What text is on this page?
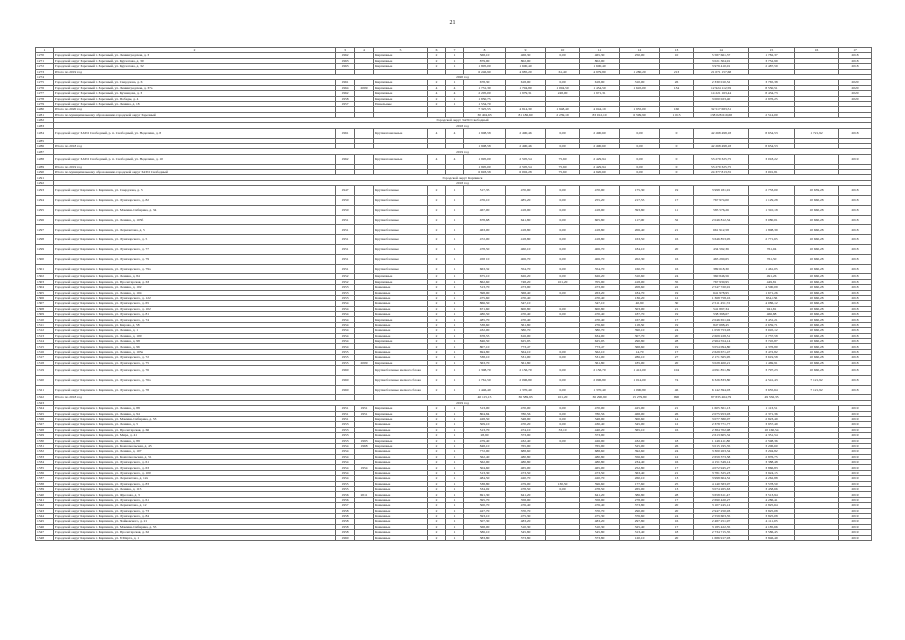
21
1	2	3	4	5	6	7	8	9	10	11	12	13	14	15	16	17
1270	Городской округ Заречный г. Заречный, ул. Ленинградская, д. 3	1962		Кирпичные	2	1	568,10	468,30	0,00	465,30	250,00	10	5 587 661,37	1 782,37		2018
1271	Городской округ Заречный г. Заречный, ул. Курчатова, д. 30	1963		Кирпичные	2	1	879,90	802,90		802,90			3 021 304,91	3 752,99		2018
1272	Городской округ Заречный г. Заречный, ул. Курчатова, д. 32	1963		Кирпичные	2	1	1 805,00	1 600,40		1 600,40			3 979 410,01	2 487,59		2018
1273	Итого по 2019 год						6 246,90	4 985,20	61,40	4 979,80	1 280,20	213	21 071 157,68			
1274	2020 год															
1275	Городской округ Заречный г. Заречный, ул. Свердлова, д. 6	1961		Кирпичные	2	1	678,30	618,90	0,00	618,90	310,00	26	2 330 010,52	3 765,38		2020
1276	Городской округ Заречный г. Заречный, ул. Ленинградская, д. 37а	1964	2009	Кирпичные	4	4	1 731,30	1 704,80	1 004,50	1 454,50	1 645,00	134	12 924 112,59	8 550,51		2020
1277	Городской округ Заречный г. Заречный, ул. Кузнецова, д. 3	1962		Кирпичные	4	4	2 205,00	1 979,31	248,00	1 971,31			14 221 163,44	8 434,73		2020
1278	Городской округ Заречный г. Заречный, ул. Победы, д. 4	1958		Кирпичные	2	1	1 850,75						3 000 023,40	2 976,25		2020
1279	Городской округ Заречный г. Заречный, ул. Ленина, д. 18	1957		Панельные	2	1	1 534,70									
1280	Итого по 2020 год						7 325,55	4 814,30	1 948,40	4 044,19	1 955,00	160	32 517 683,51			
1281	Итого по муниципальному образованию городской округ Заречный						30 404,63	81 186,60	2 239,19	83 012,10	6 599,90	1 015	138 028 619,68	2 514,00		
1282	Городской округ ЗАТО Свободный															
1283	2018 год															
1284	Городской округ ЗАТО Свободный, р. п. Свободный, ул. Неделина, д. 8	1961		Крупнопанельные	4	4	1 908,58	2 490,46	0,00	2 490,60	0,00	0	42 268 498,18	8 654,53	1 721,92	2018
1285																
1286	Итого по 2018 год						1 908,58	2 490,46	0,00	2 490,60	0,00	0	42 268 498,18	8 654,53		
1287	2019 год															
1288	Городской округ ЗАТО Свободный, р. п. Свободный, ул. Неделина, д. 10	1962		Крупнопанельные	4	4	1 995,00	2 505,54	75,60	2 429,94	0,00	0	53 279 325,75	3 018,22		2019
1289	Итого по 2019 год						1 995,00	2 505,54	75,60	2 429,94	0,00	0	53 279 325,75			
1290	Итого по муниципальному образованию городской округ ЗАТО Свободный						6 693,58	6 002,28	75,60	4 920,60	0,00	0	24 377 813,55	3 001,81		
1291	Городской округ Карпинск															
1292	2018 год															
1293	Городской округ Карпинск г. Карпинск, ул. Свердлова, д. 5	1947		Крупноблочные	2	1	517,35	470,90	0,00	470,90	175,30	19	3 998 181,91	2 733,00	10 639,28	2018
1294	Городской округ Карпинск г. Карпинск, ул. Луначарского, д. 82	1950		Крупноблочные	2	1	476,10	485,20	0,00	255,20	217,55	17	767 974,00	1 129,28	10 660,28	2018
1295	Городской округ Карпинск г. Карпинск, ул. Мамина-Сибиряка, д. 34	1950		Крупноблочные	2	1	467,00	418,90	0,00	418,90	393,80	11	585 576,26	1 310,18	10 660,28	2018
1296	Городской округ Карпинск г. Карпинск, ул. Ленина, д. 103б	1951		Крупноблочные	2	1	678,68	641,80	0,00	605,80	117,00	32	2 046 812,34	3 080,01	10 660,28	2018
1297	Городской округ Карпинск г. Карпинск, ул. Лермонтова, д. 5	1951		Крупноблочные	2	1	463,00	418,80	0,00	418,80	206,40	21	661 912,58	1 808,39	10 660,28	2018
1298	Городской округ Карпинск г. Карпинск, ул. Луначарского, д. 5	1951		Крупноблочные	2	1	472,00	418,80	0,00	418,80	163,50	16	3 646 853,95	2 771,65	10 660,28	2018
1299	Городской округ Карпинск г. Карпинск, ул. Луначарского, д. 77	1951		Крупноблочные	2	1	478,50	460,10	0,00	406,70	184,10	20	434 592,36	761,04	10 660,28	2018
1300	Городской округ Карпинск г. Карпинск, ул. Луначарского, д. 79	1951		Крупноблочные	2	1	458 10	406,70	0,00	406,70	202,30	16	465 290,65	761,50	10 660,28	2018
1301	Городской округ Карпинск г. Карпинск, ул. Луначарского, д. 79а	1951		Крупноблочные	2	1	663,32	354,70	0,00	354,70	160,70	16	389 618,30	1 461,05	10 660,28	2018
1302	Городской округ Карпинск г. Карпинск, ул. Ленина, д. 84	1952		Кирпичные	2	1	675,10	626,20	0,00	626,20	310,60	24	360 846,56	491,26	10 660,28	2018
1303	Городской округ Карпинск г. Карпинск, ул. Пролетарская, д. 63	1952		Кирпичные	2	1	862,60	748,20	101,20	705,90	418,00	35	767 930,95	449,81	10 660,28	2018
1304	Городской округ Карпинск г. Карпинск, ул. Ленина, д. 102	1953		Каменные	2	1	513,70	473,90		473,90	208,60	22	2 547 720,91	4 500,09	10 660,28	2018
1305	Городской округ Карпинск г. Карпинск, ул. Ленина, д. 104	1953		Каменные	2	1	398,90	368,40	0,00	263,20	184,70	19	641 978,95	1 671,26	10 660,28	2018
1306	Городской округ Карпинск г. Карпинск, ул. Луначарского, д. 122	1953		Каменные	2	1	475,60	470,40		470,40	136,20	12	1 368 758,16	654,136	10 660,28	2018
1307	Городской округ Карпинск г. Карпинск, ул. Луначарского, д. 65	1954		Каменные	2	1	866,50	347,10		347,10	40,90	30	2 511 451,72	4 086,12	10 660,28	2018
1308	Городской округ Карпинск г. Карпинск, ул. Луначарского, д. 102	1954		Каменные	2	1	671,60	600,80	0,00	600,80	503,00	21	541 897,34	941,81	10 660,28	2018
1309	Городской округ Карпинск г. Карпинск, ул. Луначарского, д. 81	1954		Каменные	2	1	480,50	470,40	0,00	470,40	187,70	19	538 398,67	466,88	10 660,28	2018
1310	Городской округ Карпинск г. Карпинск, ул. Луначарского, д. 74	1954		Кирпичные	2	1	485,70	470,40		470,40	167,00	17	2 046 651,94	3 431,21	10 660,28	2018
1311	Городской округ Карпинск г. Карпинск, ул. Кирова, д. 58	1954		Каменные	2	1	538,60	361,80		276,60	118,50	19	847 688,45	2 659,71	10 660,28	2018
1312	Городской округ Карпинск г. Карпинск, ул. Ленина, д. 1	1954		Каменные	2	1	432,00	380,70		380,70	390,10	24	1 058 753,93	3 045,12	10 660,28	2018
1313	Городской округ Карпинск г. Карпинск, ул. Ленина, д. 100	1954		Каменные	2	1	678,55	616,00		634,00	307,70	20	2 609 228,51	2 737,58	10 660,28	2018
1314	Городской округ Карпинск г. Карпинск, ул. Ленина, д. 98	1954		Кирпичные	2	1	846,50	625,95		625,95	290,80	28	2 964 554,14	3 745,87	10 660,28	2018
1315	Городской округ Карпинск г. Карпинск, ул. Ленина, д. 96	1954		Каменные	2	1	807,10	773,47		773,47	368,60	19	3 054 094,80	4 376,80	10 660,28	2018
1316	Городской округ Карпинск г. Карпинск, ул. Ленина, д. 103а	1955		Каменные	2	1	694,80	564,10	0,00	562,10	14,70	17	2 629 671,47	3 472,82	10 660,28	2018
1317	Городской округ Карпинск г. Карпинск, ул. Луначарского, д. 72	1955		Каменные	2	1	538,10	531,00	0,00	531,00	286,10	27	2 171 565,95	3 619,58	10 660,28	2018
1318	Городской округ Карпинск г. Карпинск, ул. Луначарского, д. 75	1955	2009	Кирпичные	2	1	363,70	361,80		361,80	185,00	20	3 028 400,21	1 469,91	10 660,28	2018
1319	Городской округ Карпинск г. Карпинск, ул. Луначарского, д. 76	1960		Крупноблочные мелкого блока	2	1	1 308,70	2 156,70	0,00	2 156,70	1 412,00	104	4 091 851,89	3 797,23	10 660,28	2018
1320	Городской округ Карпинск г. Карпинск, ул. Луначарского, д. 76а	1960		Крупноблочные мелкого блока	2	1	1 761,50	2 096,80	0,00	2 096,80	1 014,00	74	6 326 833,80	4 541,43	7 121,92	2018
1321	Городской округ Карпинск г. Карпинск, ул. Луначарского, д. 78	1960		Крупноблочные мелкого блока	2	1	1 446,40	1 370,40	0,00	1 370,40	1 090,80	46	6 142 394,03	3 655,64	7 121,92	2018
1322	Итого по 2018 год						40 115,15	36 589,93	101,20	36 290,90	15 279,80	990	87 835 464,79	49 556,35		
1323	2019 год															
1324	Городской округ Карпинск г. Карпинск, ул. Ленина, д. 88	1951	1951	Кирпичные	2	1	513,00	470,00	0,00	470,00	425,00	21	1 605 301,13	1 113,51		2019
1325	Городской округ Карпинск г. Карпинск, ул. Ленина, д. 94	1951	1951	Кирпичные	2	1	804,84	780,56	0,00	780,56	468,00	26	2 075 953,93	2 371,36		2019
1326	Городской округ Карпинск г. Карпинск, ул. Мамина-Сибиряка, д. 53	1951		Кирпичные	2	1	428,50	348,90	0,00	348,90	300,60	14	3 077 380,07	2 823,49		2019
1327	Городской округ Карпинск г. Карпинск, ул. Ленина, д. 5	1953		Каменные	2	1	509,10	470,20	0,00	430,40	345,00	12	2 378 771,77	3 957,49		2019
1328	Городской округ Карпинск г. Карпинск, ул. Пролетарская, д. 66	1953		Каменные	2	1	513,70	474,10	33,10	440,20	365,10	16	2 384 702,98	10 160,54		2019
1329	Городской округ Карпинск г. Карпинск, ул. Мира, д. 41	1953		Каменные	2	1	28,90	373,90		373,90			2 613 605,32	4 351,54		2019
1330	Городской округ Карпинск г. Карпинск, ул. Ленина, д. 89	1953	1993	Кирпичные	2	1	479,40	432,40	0,00	426,90	432,00	18	1 149 411,80	2 598,36		2019
1331	Городской округ Карпинск г. Карпинск, ул. Комсомольская, д. 45	1954	1968	Кирпичные	2	1	848,10	765,90		765,90	525,00	26	3 015 195,35	3 206,60		2019
1332	Городской округ Карпинск г. Карпинск, ул. Ленина, д. 107	1954		Каменные	2	1	772,90	688,60		688,60	392,60	24	3 300 263,34	3 294,82		2019
1333	Городской округ Карпинск г. Карпинск, ул. Комсомольская, д. 51	1954		Каменные	2	1	562,40	480,80		480,80	356,60	12	2 659 373,58	2 876,75		2019
1334	Городской округ Карпинск г. Карпинск, ул. Луначарского, д. 61	1954		Каменные	2	1	562,90	480,80		480,80	234,40	16	4 151 549,14	3 388,48		2019
1335	Городской округ Карпинск г. Карпинск, ул. Луначарского, д. 63	1954	1954	Каменные	2	1	504,60	465,00		465,00	252,80	17	4 072 945,27	3 866,83		2019
1336	Городской округ Карпинск г. Карпинск, ул. Луначарского, д. 100	1954		Каменные	2	1	513,30	473,50		473,50	363,40	21	3 781 325,23	3 924,15		2019
1337	Городской округ Карпинск г. Карпинск, ул. Лермонтова, д. 12а	1954		Каменные	2	1	484,50	420,70		420,70	260,10	13	3 998 604,52	4 262,88		2019
1338	Городской округ Карпинск г. Карпинск, ул. Луначарского, д. 83	1955		Каменные	2	1	538,80	479,00	130,50	596,60	177,60	25	4 140 583,97	3 578,50		2019
1339	Городской округ Карпинск г. Карпинск, ул. Ленина, д. 115	1955		Каменные	2	1	534,02	478,50	0,00	478,50	265,00	13	3 074 265,63	3 458,66		2019
1340	Городской округ Карпинск г. Карпинск, ул. Фролова, д. 3	1956	2011	Каменные	2	1	691,30	641,20		641,20	386,80	28	3 658 611,47	3 513,94		2019
1341	Городской округ Карпинск г. Карпинск, ул. Луначарского, д. 61	1956		Каменные	2	1	395,70	358,90		358,90	278,00	17	2 690 420,27	4 286,41		2019
1342	Городской округ Карпинск г. Карпинск, ул. Лермонтова, д. 12	1957		Каменные	2	1	500,70	476,40		476,40	373,80	20	3 107 245,12	2 825,64		2019
1343	Городской округ Карпинск г. Карпинск, ул. Луначарского, д. 73	1958		Каменные	2	1	427,70	370,70		370,70	290,00	20	2 947 250,93	3 825,08		2019
1344	Городской округ Карпинск г. Карпинск, ул. Луначарского, д. 84	1958		Каменные	2	1	593,10	475,30		475,30	376,60	24	2 559 603,35	3 825,08		2019
1345	Городской округ Карпинск г. Карпинск, ул. Чайковского, д. 21	1958		Каменные	2	1	507,30	483,20		483,20	297,80	16	2 487 251,97	4 111,03		2019
1346	Городской округ Карпинск г. Карпинск, ул. Мамина-Сибиряка, д. 55	1958		Каменные	2	1	568,00	510,30		510,30	325,40	17	3 185 422,35	4 185,66		2019
1347	Городской округ Карпинск г. Карпинск, ул. Пролетарская, д. 62	1958		Каменные	2	1	586,10	545,80		545,80	313,40	18	2 734 715,35	3 586,45		2019
1348	Городской округ Карпинск г. Карпинск, ул. 8 Марта, д. 1	1960		Каменные	2	1	383,80	373,80		373,80	120,10	20	1 686 917,93	3 846,49		2019
